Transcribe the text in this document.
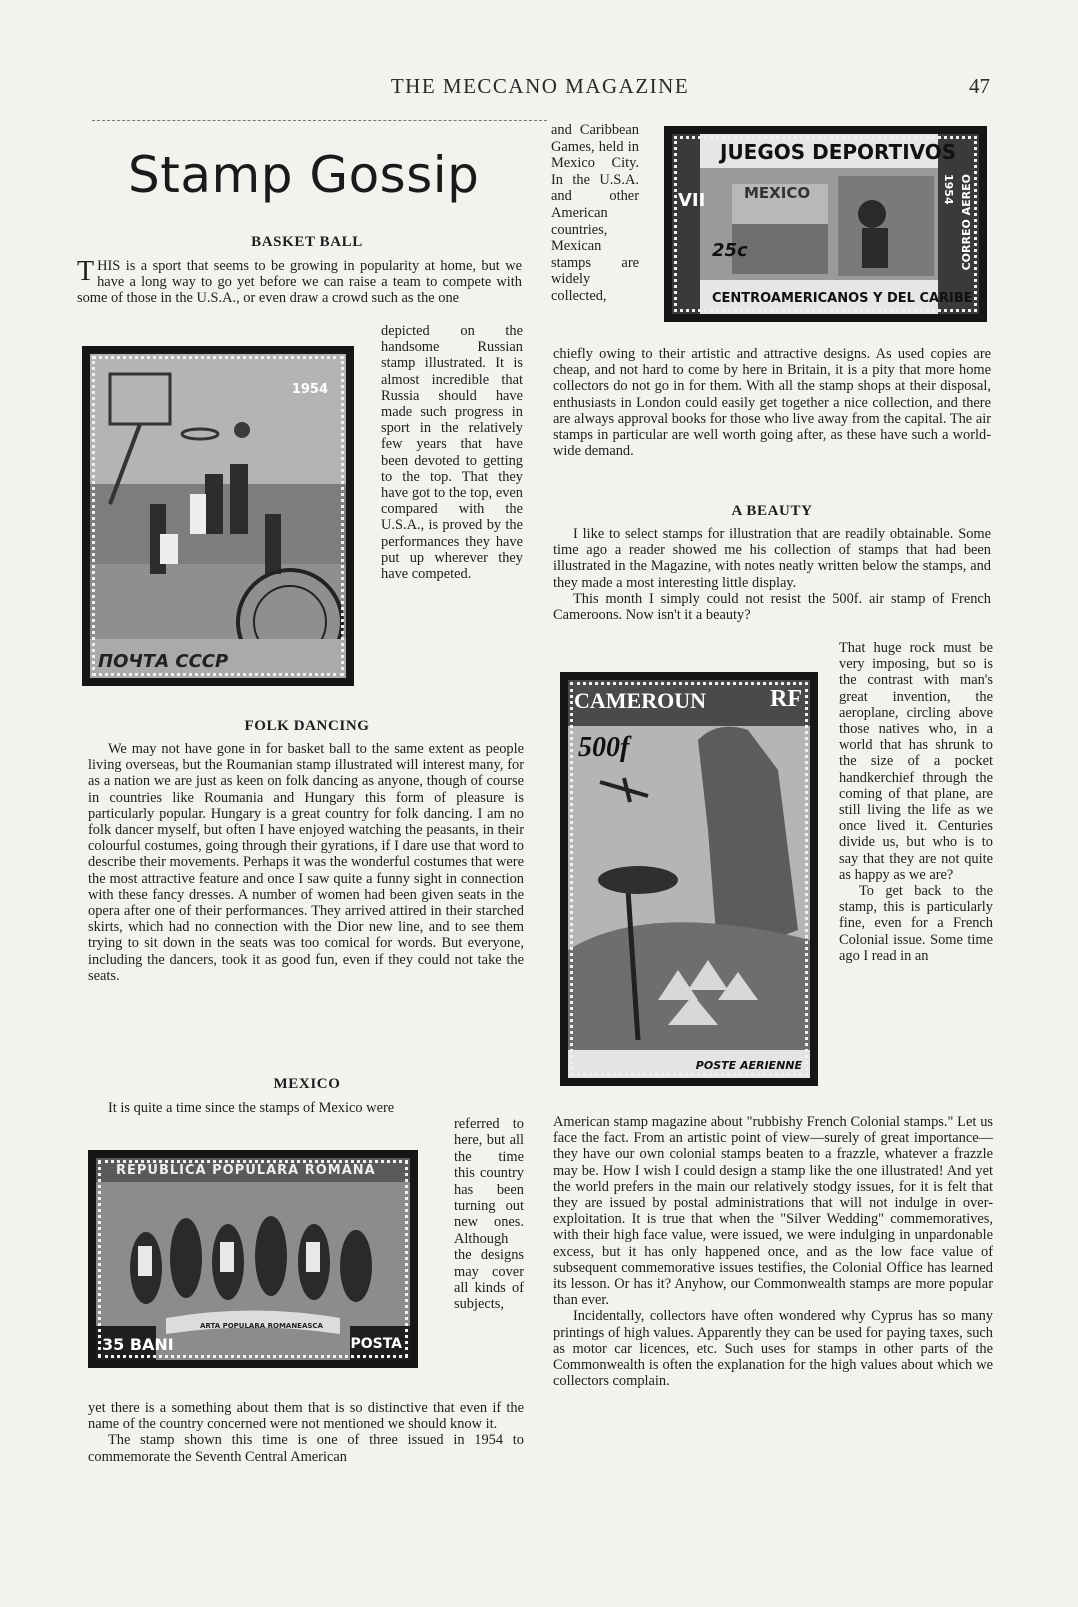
THE MECCANO MAGAZINE	47
Stamp Gossip
BASKET BALL

THIS is a sport that seems to be growing in popularity at home, but we have a long way to go yet before we can raise a team to compete with some of those in the U.S.A., or even draw a crowd such as the one

1954
ПОЧТА СССР

depicted on the handsome Russian stamp illustrated. It is almost incredible that Russia should have made such progress in sport in the relatively few years that have been devoted to getting to the top. That they have got to the top, even compared with the U.S.A., is proved by the performances they have put up wherever they have competed.

FOLK DANCING

We may not have gone in for basket ball to the same extent as people living overseas, but the Roumanian stamp illustrated will interest many, for as a nation we are just as keen on folk dancing as anyone, though of course in countries like Roumania and Hungary this form of pleasure is particularly popular. Hungary is a great country for folk dancing. I am no folk dancer myself, but often I have enjoyed watching the peasants, in their colourful costumes, going through their gyrations, if I dare use that word to describe their movements. Perhaps it was the wonderful costumes that were the most attractive feature and once I saw quite a funny sight in connection with these fancy dresses. A number of women had been given seats in the opera after one of their performances. They arrived attired in their starched skirts, which had no connection with the Dior new line, and to see them trying to sit down in the seats was too comical for words. But everyone, including the dancers, took it as good fun, even if they could not take the seats.

MEXICO

It is quite a time since the stamps of Mexico were

REPUBLICA POPULARA ROMANA
35 BANI	POSTA
ARTA POPULARA ROMANEASCA

referred to here, but all the time this country has been turning out new ones. Although the designs may cover all kinds of subjects,

yet there is a something about them that is so distinctive that even if the name of the country concerned were not mentioned we should know it.

The stamp shown this time is one of three issued in 1954 to commemorate the Seventh Central American

and Caribbean Games, held in Mexico City. In the U.S.A. and other American countries, Mexican stamps are widely collected,

JUEGOS DEPORTIVOS
VII	MEXICO
25c
CENTROAMERICANOS Y DEL CARIBE
1954 CORREO AEREO

chiefly owing to their artistic and attractive designs. As used copies are cheap, and not hard to come by here in Britain, it is a pity that more home collectors do not go in for them. With all the stamp shops at their disposal, enthusiasts in London could easily get together a nice collection, and there are always approval books for those who live away from the capital. The air stamps in particular are well worth going after, as these have such a world-wide demand.

A BEAUTY

I like to select stamps for illustration that are readily obtainable. Some time ago a reader showed me his collection of stamps that had been illustrated in the Magazine, with notes neatly written below the stamps, and they made a most interesting little display.

This month I simply could not resist the 500f. air stamp of French Cameroons. Now isn't it a beauty?

CAMEROUN	RF
500f
POSTE AERIENNE

That huge rock must be very imposing, but so is the contrast with man's great invention, the aeroplane, circling above those natives who, in a world that has shrunk to the size of a pocket handkerchief through the coming of that plane, are still living the life as we once lived it. Centuries divide us, but who is to say that they are not quite as happy as we are?

To get back to the stamp, this is particularly fine, even for a French Colonial issue. Some time ago I read in an

American stamp magazine about "rubbishy French Colonial stamps." Let us face the fact. From an artistic point of view—surely of great importance—they have our own colonial stamps beaten to a frazzle, whatever a frazzle may be. How I wish I could design a stamp like the one illustrated! And yet the world prefers in the main our relatively stodgy issues, for it is felt that they are issued by postal administrations that will not indulge in over-exploitation. It is true that when the "Silver Wedding" commemoratives, with their high face value, were issued, we were indulging in unpardonable excess, but it has only happened once, and as the low face value of subsequent commemorative issues testifies, the Colonial Office has learned its lesson. Or has it? Anyhow, our Commonwealth stamps are more popular than ever.

Incidentally, collectors have often wondered why Cyprus has so many printings of high values. Apparently they can be used for paying taxes, such as motor car licences, etc. Such uses for stamps in other parts of the Commonwealth is often the explanation for the high values about which we collectors complain.
